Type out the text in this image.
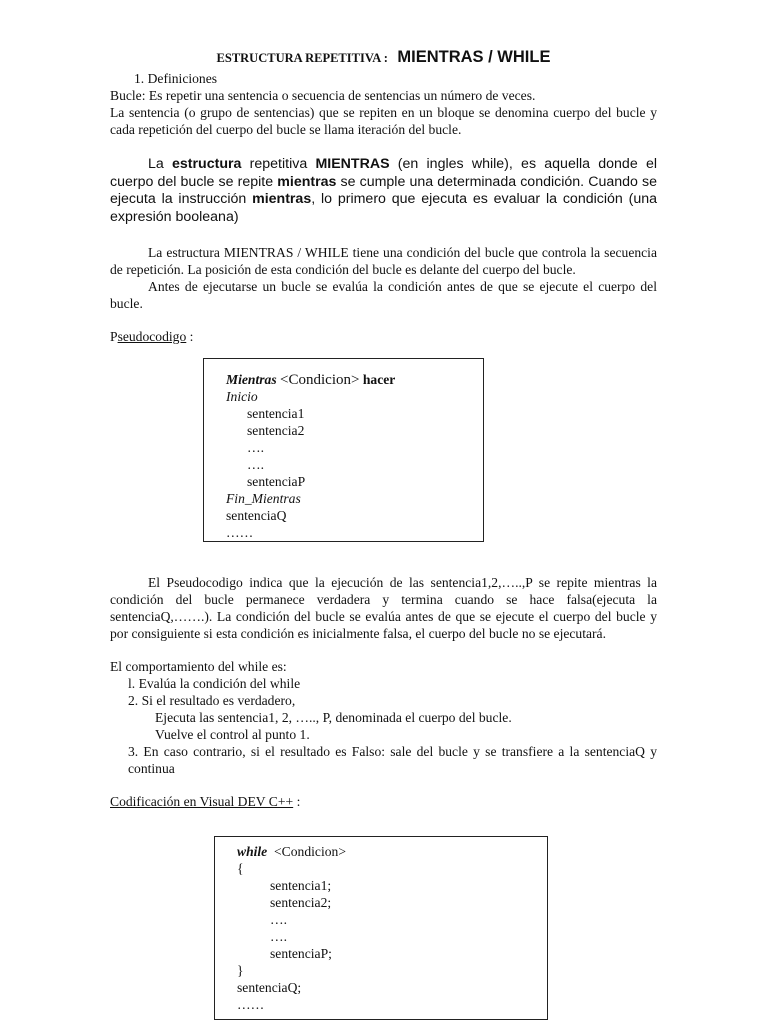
ESTRUCTURA REPETITIVA : MIENTRAS / WHILE

1. Definiciones

Bucle: Es repetir una sentencia o secuencia de sentencias un número de veces.

La sentencia (o grupo de sentencias) que se repiten en un bloque se denomina cuerpo del bucle y cada repetición del cuerpo del bucle se llama iteración del bucle.

La estructura repetitiva MIENTRAS (en ingles while), es aquella donde el cuerpo del bucle se repite mientras se cumple una determinada condición. Cuando se ejecuta la instrucción mientras, lo primero que ejecuta es evaluar la condición (una expresión booleana)

La estructura MIENTRAS / WHILE tiene una condición del bucle que controla la secuencia de repetición. La posición de esta condición del bucle es delante del cuerpo del bucle.

Antes de ejecutarse un bucle se evalúa la condición antes de que se ejecute el cuerpo del bucle.

Pseudocodigo :

Mientras <Condicion> hacer
Inicio
sentencia1
sentencia2
….
….
sentenciaP
Fin_Mientras
sentenciaQ
……

El Pseudocodigo indica que la ejecución de las sentencia1,2,…..,P se repite mientras la condición del bucle permanece verdadera y termina cuando se hace falsa(ejecuta la sentenciaQ,…….). La condición del bucle se evalúa antes de que se ejecute el cuerpo del bucle y por consiguiente si esta condición es inicialmente falsa, el cuerpo del bucle no se ejecutará.

El comportamiento del while es:

l. Evalúa la condición del while

2. Si el resultado es verdadero,

Ejecuta las sentencia1, 2, ….., P, denominada el cuerpo del bucle.

Vuelve el control al punto 1.

3. En caso contrario, si el resultado es Falso: sale del bucle y se transfiere a la sentenciaQ y continua

Codificación en Visual DEV C++ :

while <Condicion>
{
sentencia1;
sentencia2;
….
….
sentenciaP;
}
sentenciaQ;
……
